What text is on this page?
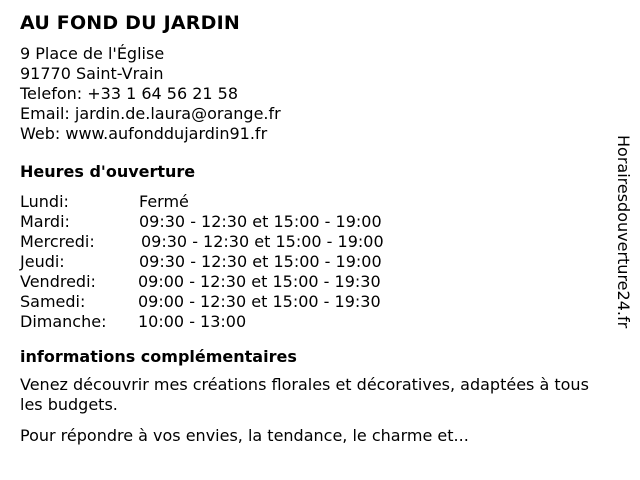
AU FOND DU JARDIN
9 Place de l'Église
91770 Saint-Vrain
Telefon: +33 1 64 56 21 58
Email: jardin.de.laura@orange.fr
Web: www.aufonddujardin91.fr
Heures d'ouverture
Lundi:	Fermé
Mardi:	09:30 - 12:30 et 15:00 - 19:00
Mercredi:	09:30 - 12:30 et 15:00 - 19:00
Jeudi:	09:30 - 12:30 et 15:00 - 19:00
Vendredi:	09:00 - 12:30 et 15:00 - 19:30
Samedi:	09:00 - 12:30 et 15:00 - 19:30
Dimanche: 10:00 - 13:00
informations complémentaires

Venez découvrir mes créations florales et décoratives, adaptées à tous les budgets.

Pour répondre à vos envies, la tendance, le charme et...

Horairesdouverture24.fr
